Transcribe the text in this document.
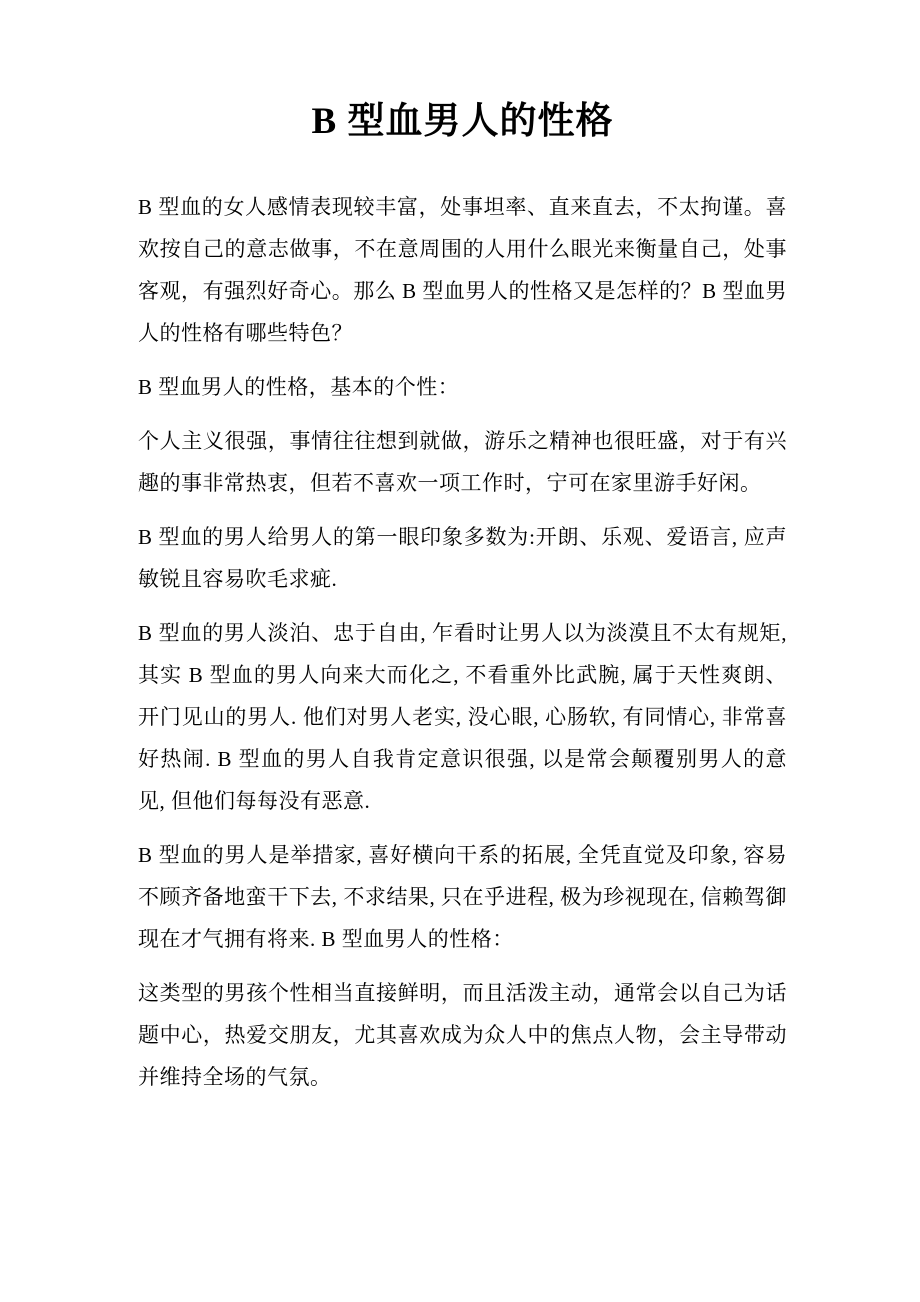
B 型血男人的性格

B 型血的女人感情表现较丰富，处事坦率、直来直去，不太拘谨。喜欢按自己的意志做事，不在意周围的人用什么眼光来衡量自己，处事客观，有强烈好奇心。那么 B 型血男人的性格又是怎样的？B 型血男人的性格有哪些特色？

B 型血男人的性格，基本的个性：

个人主义很强，事情往往想到就做，游乐之精神也很旺盛，对于有兴趣的事非常热衷，但若不喜欢一项工作时，宁可在家里游手好闲。

B 型血的男人给男人的第一眼印象多数为:开朗、乐观、爱语言, 应声敏锐且容易吹毛求疵.

B 型血的男人淡泊、忠于自由, 乍看时让男人以为淡漠且不太有规矩, 其实 B 型血的男人向来大而化之, 不看重外比武腕, 属于天性爽朗、开门见山的男人. 他们对男人老实, 没心眼, 心肠软, 有同情心, 非常喜好热闹. B 型血的男人自我肯定意识很强, 以是常会颠覆别男人的意见, 但他们每每没有恶意.

B 型血的男人是举措家, 喜好横向干系的拓展, 全凭直觉及印象, 容易不顾齐备地蛮干下去, 不求结果, 只在乎进程, 极为珍视现在, 信赖驾御现在才气拥有将来. B 型血男人的性格：

这类型的男孩个性相当直接鲜明，而且活泼主动，通常会以自己为话题中心，热爱交朋友，尤其喜欢成为众人中的焦点人物，会主导带动并维持全场的气氛。
